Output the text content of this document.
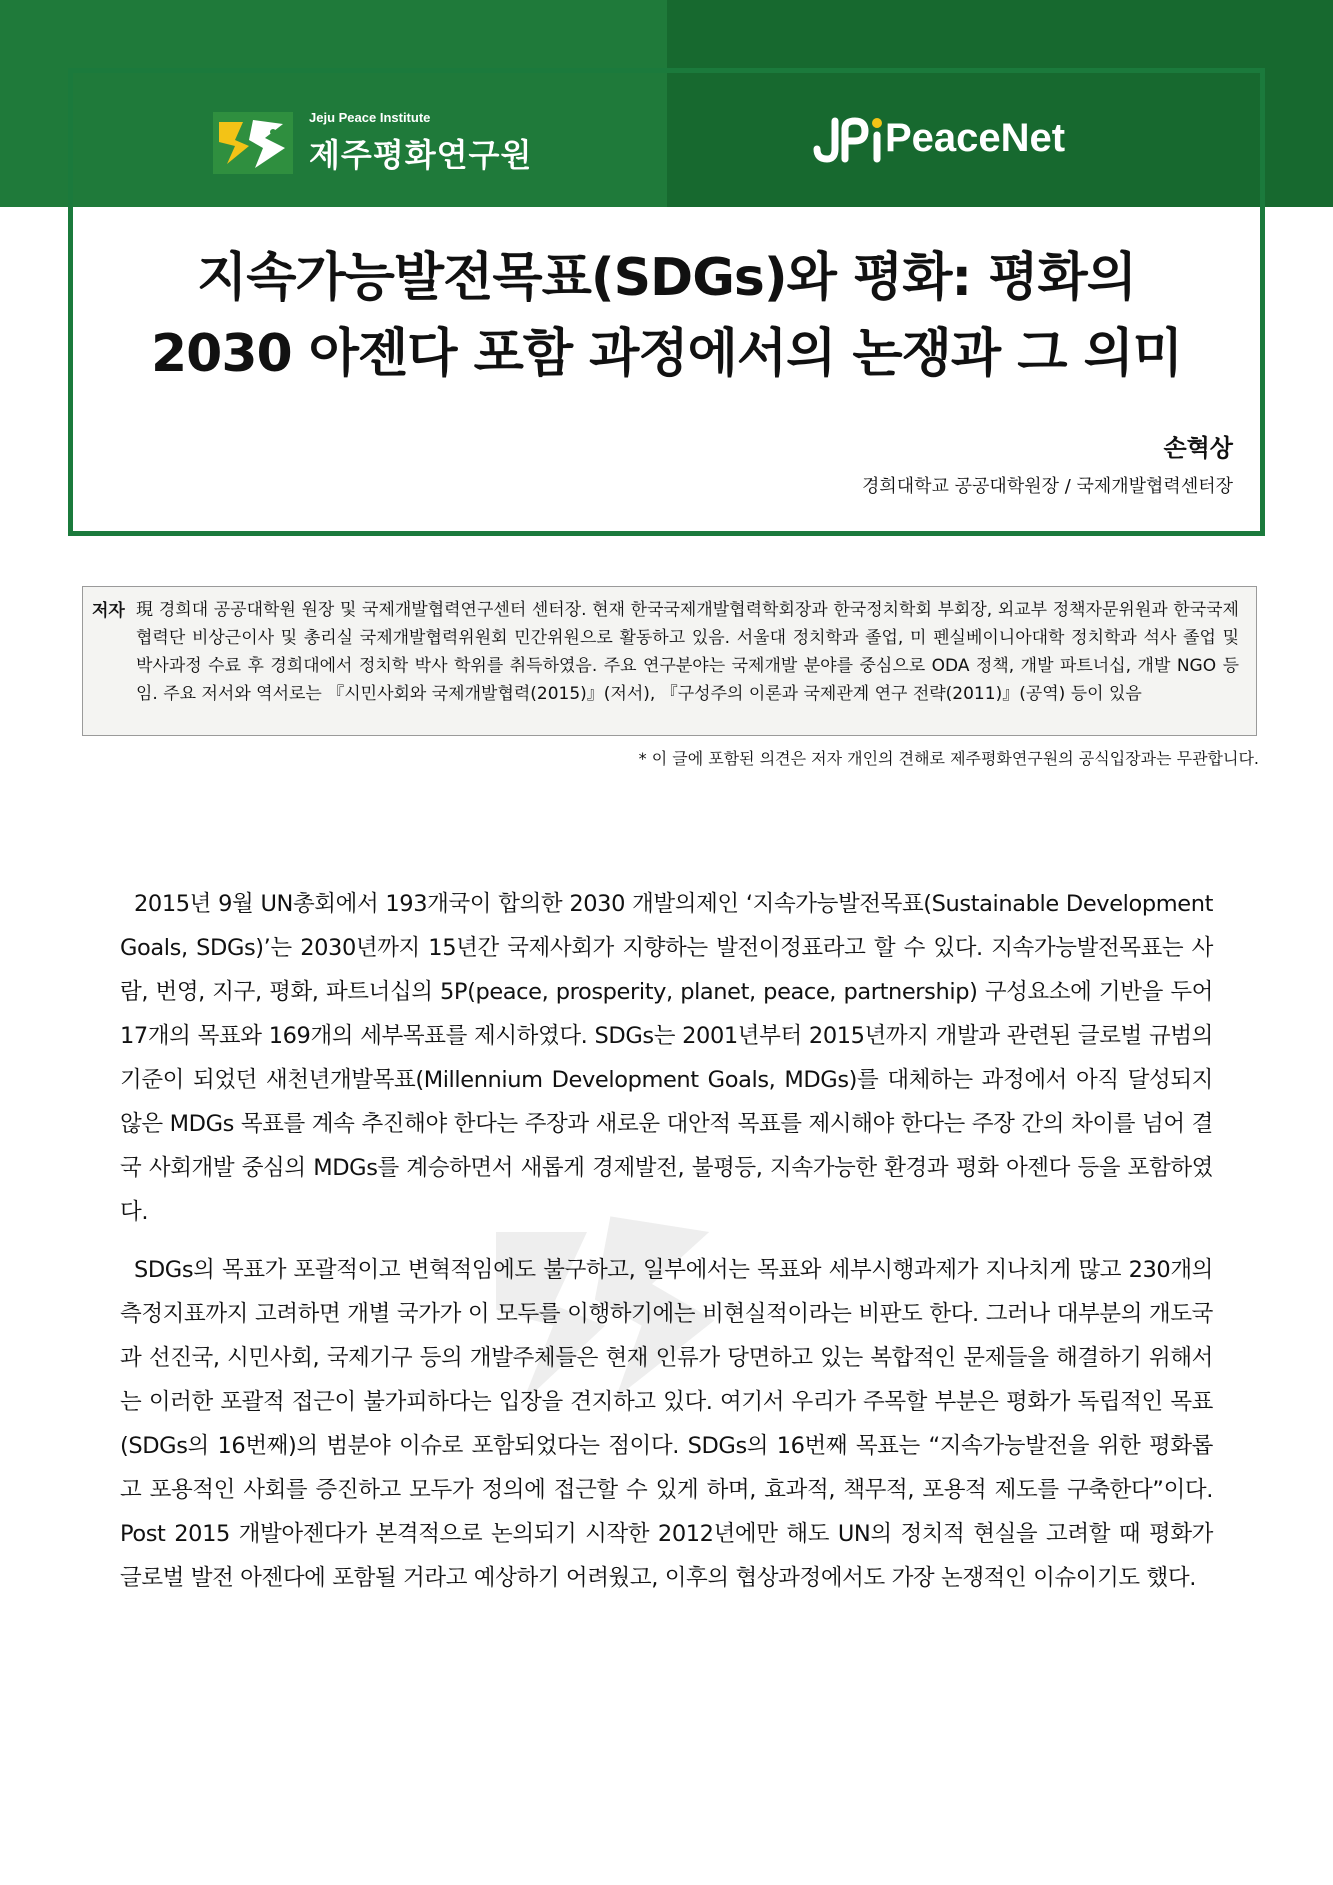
Jeju Peace Institute
제주평화연구원	PeaceNet
지속가능발전목표(SDGs)와 평화: 평화의
2030 아젠다 포함 과정에서의 논쟁과 그 의미
손혁상
경희대학교 공공대학원장 / 국제개발협력센터장
저자 現 경희대 공공대학원 원장 및 국제개발협력연구센터 센터장. 현재 한국국제개발협력학회장과 한국정치학회 부회장, 외교부 정책자문위원과 한국국제협력단 비상근이사 및 총리실 국제개발협력위원회 민간위원으로 활동하고 있음. 서울대 정치학과 졸업, 미 펜실베이니아대학 정치학과 석사 졸업 및 박사과정 수료 후 경희대에서 정치학 박사 학위를 취득하였음. 주요 연구분야는 국제개발 분야를 중심으로 ODA 정책, 개발 파트너십, 개발 NGO 등 임. 주요 저서와 역서로는 『시민사회와 국제개발협력(2015)』(저서), 『구성주의 이론과 국제관계 연구 전략(2011)』(공역) 등이 있음
* 이 글에 포함된 의견은 저자 개인의 견해로 제주평화연구원의 공식입장과는 무관합니다.

2015년 9월 UN총회에서 193개국이 합의한 2030 개발의제인 ‘지속가능발전목표(Sustainable Development Goals, SDGs)’는 2030년까지 15년간 국제사회가 지향하는 발전이정표라고 할 수 있다. 지속가능발전목표는 사람, 번영, 지구, 평화, 파트너십의 5P(peace, prosperity, planet, peace, partnership) 구성요소에 기반을 두어 17개의 목표와 169개의 세부목표를 제시하였다. SDGs는 2001년부터 2015년까지 개발과 관련된 글로벌 규범의 기준이 되었던 새천년개발목표(Millennium Development Goals, MDGs)를 대체하는 과정에서 아직 달성되지 않은 MDGs 목표를 계속 추진해야 한다는 주장과 새로운 대안적 목표를 제시해야 한다는 주장 간의 차이를 넘어 결국 사회개발 중심의 MDGs를 계승하면서 새롭게 경제발전, 불평등, 지속가능한 환경과 평화 아젠다 등을 포함하였다.

SDGs의 목표가 포괄적이고 변혁적임에도 불구하고, 일부에서는 목표와 세부시행과제가 지나치게 많고 230개의 측정지표까지 고려하면 개별 국가가 이 모두를 이행하기에는 비현실적이라는 비판도 한다. 그러나 대부분의 개도국과 선진국, 시민사회, 국제기구 등의 개발주체들은 현재 인류가 당면하고 있는 복합적인 문제들을 해결하기 위해서는 이러한 포괄적 접근이 불가피하다는 입장을 견지하고 있다. 여기서 우리가 주목할 부분은 평화가 독립적인 목표(SDGs의 16번째)의 범분야 이슈로 포함되었다는 점이다. SDGs의 16번째 목표는 “지속가능발전을 위한 평화롭고 포용적인 사회를 증진하고 모두가 정의에 접근할 수 있게 하며, 효과적, 책무적, 포용적 제도를 구축한다”이다. Post 2015 개발아젠다가 본격적으로 논의되기 시작한 2012년에만 해도 UN의 정치적 현실을 고려할 때 평화가 글로벌 발전 아젠다에 포함될 거라고 예상하기 어려웠고, 이후의 협상과정에서도 가장 논쟁적인 이슈이기도 했다.
